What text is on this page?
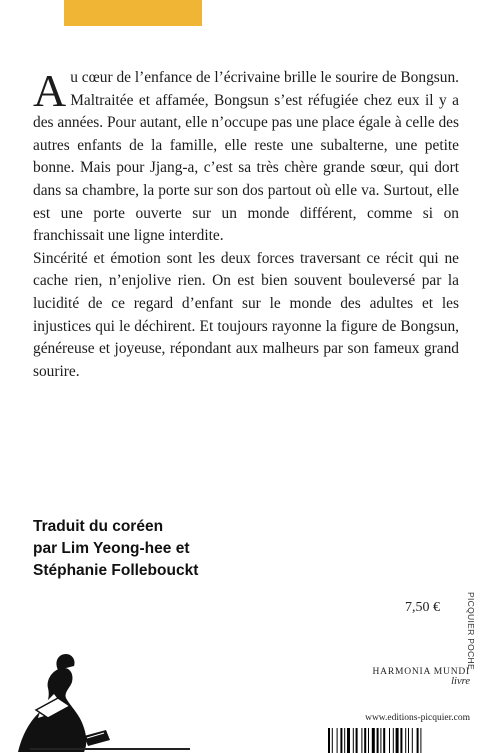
Au cœur de l’enfance de l’écrivaine brille le sourire de Bongsun. Maltraitée et affamée, Bongsun s’est réfugiée chez eux il y a des années. Pour autant, elle n’occupe pas une place égale à celle des autres enfants de la famille, elle reste une subalterne, une petite bonne. Mais pour Jjang-a, c’est sa très chère grande sœur, qui dort dans sa chambre, la porte sur son dos partout où elle va. Surtout, elle est une porte ouverte sur un monde différent, comme si on franchissait une ligne interdite.

Sincérité et émotion sont les deux forces traversant ce récit qui ne cache rien, n’enjolive rien. On est bien souvent bouleversé par la lucidité de ce regard d’enfant sur le monde des adultes et les injustices qui le déchirent. Et toujours rayonne la figure de Bongsun, généreuse et joyeuse, répondant aux malheurs par son fameux grand sourire.

Traduit du coréen
par Lim Yeong-hee et
Stéphanie Follebouckt
7,50 €	PICQUIER POCHE
HARMONIA MUNDI
livre
www.editions-picquier.com
